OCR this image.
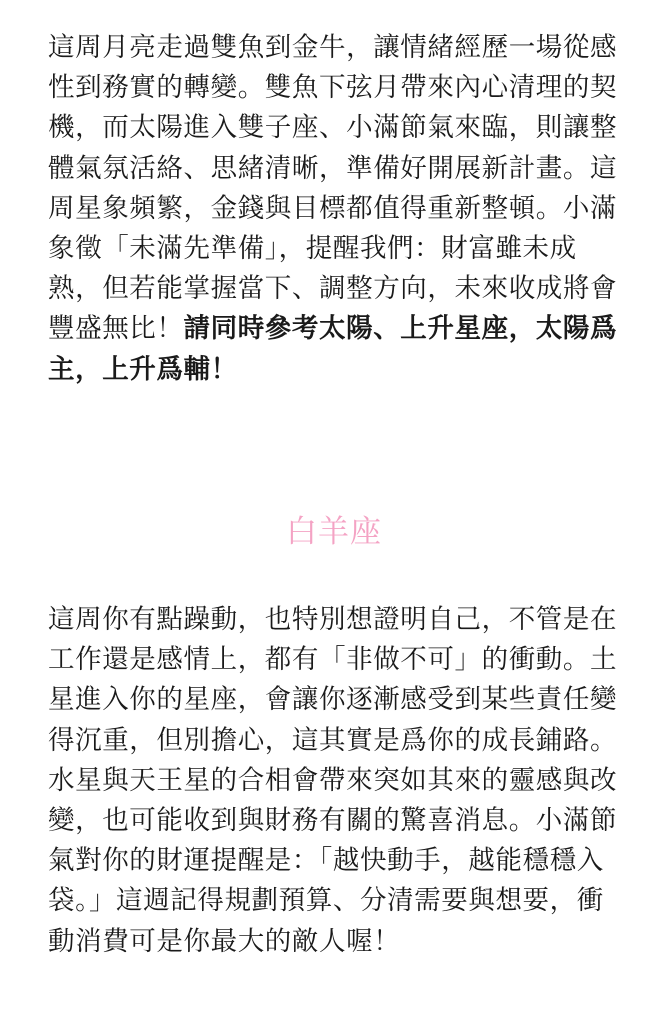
這周月亮走過雙魚到金牛，讓情緒經歷一場從感性到務實的轉變。雙魚下弦月帶來內心清理的契機，而太陽進入雙子座、小滿節氣來臨，則讓整體氣氛活絡、思緒清晰，準備好開展新計畫。這周星象頻繁，金錢與目標都值得重新整頓。小滿象徵「未滿先準備」，提醒我們：財富雖未成熟，但若能掌握當下、調整方向，未來收成將會豐盛無比！請同時參考太陽、上升星座，太陽爲主，上升爲輔！

白羊座

這周你有點躁動，也特別想證明自己，不管是在工作還是感情上，都有「非做不可」的衝動。土星進入你的星座，會讓你逐漸感受到某些責任變得沉重，但別擔心，這其實是爲你的成長鋪路。水星與天王星的合相會帶來突如其來的靈感與改變，也可能收到與財務有關的驚喜消息。小滿節氣對你的財運提醒是：「越快動手，越能穩穩入袋。」這週記得規劃預算、分清需要與想要，衝動消費可是你最大的敵人喔！
